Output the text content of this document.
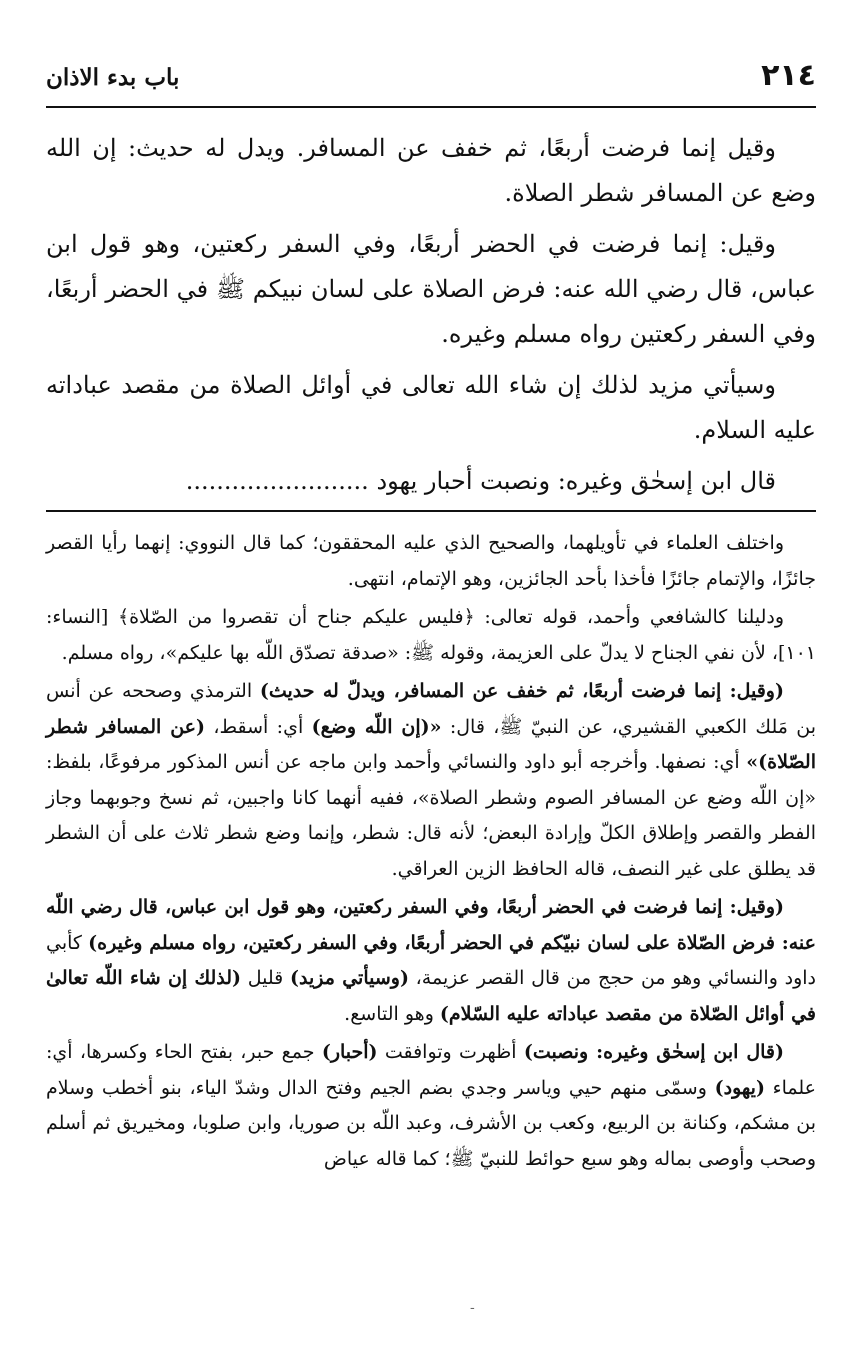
٢١٤
باب بدء الاذان

وقيل إنما فرضت أربعًا، ثم خفف عن المسافر. ويدل له حديث: إن الله وضع عن المسافر شطر الصلاة.

وقيل: إنما فرضت في الحضر أربعًا، وفي السفر ركعتين، وهو قول ابن عباس، قال رضي الله عنه: فرض الصلاة على لسان نبيكم ﷺ في الحضر أربعًا، وفي السفر ركعتين رواه مسلم وغيره.

وسيأتي مزيد لذلك إن شاء الله تعالى في أوائل الصلاة من مقصد عباداته عليه السلام.

قال ابن إسحٰق وغيره: ونصبت أحبار يهود ........................

واختلف العلماء في تأويلهما، والصحيح الذي عليه المحققون؛ كما قال النووي: إنهما رأيا القصر جائزًا، والإتمام جائزًا فأخذا بأحد الجائزين، وهو الإتمام، انتهى.

ودليلنا كالشافعي وأحمد، قوله تعالى: ﴿فليس عليكم جناح أن تقصروا من الصّلاة﴾ [النساء: ١٠١]، لأن نفي الجناح لا يدلّ على العزيمة، وقوله ﷺ: «صدقة تصدّق اللّه بها عليكم»، رواه مسلم.

(وقيل: إنما فرضت أربعًا، ثم خفف عن المسافر، ويدلّ له حديث) الترمذي وصححه عن أنس بن مَلك الكعبي القشيري، عن النبيّ ﷺ، قال: «(إن اللّه وضع) أي: أسقط، (عن المسافر شطر الصّلاة)» أي: نصفها. وأخرجه أبو داود والنسائي وأحمد وابن ماجه عن أنس المذكور مرفوعًا، بلفظ: «إن اللّه وضع عن المسافر الصوم وشطر الصلاة»، ففيه أنهما كانا واجبين، ثم نسخ وجوبهما وجاز الفطر والقصر وإطلاق الكلّ وإرادة البعض؛ لأنه قال: شطر، وإنما وضع شطر ثلاث على أن الشطر قد يطلق على غير النصف، قاله الحافظ الزين العراقي.

(وقيل: إنما فرضت في الحضر أربعًا، وفي السفر ركعتين، وهو قول ابن عباس، قال رضي اللّه عنه: فرض الصّلاة على لسان نبيّكم في الحضر أربعًا، وفي السفر ركعتين، رواه مسلم وغيره) كأبي داود والنسائي وهو من حجج من قال القصر عزيمة، (وسيأتي مزيد) قليل (لذلك إن شاء اللّه تعالىٰ في أوائل الصّلاة من مقصد عباداته عليه السّلام) وهو التاسع.

(قال ابن إسحٰق وغيره: ونصبت) أظهرت وتوافقت (أحبار) جمع حبر، بفتح الحاء وكسرها، أي: علماء (يهود) وسمّى منهم حيي وياسر وجدي بضم الجيم وفتح الدال وشدّ الياء، بنو أخطب وسلام بن مشكم، وكنانة بن الربيع، وكعب بن الأشرف، وعبد اللّه بن صوريا، وابن صلوبا، ومخيريق ثم أسلم وصحب وأوصى بماله وهو سبع حوائط للنبيّ ﷺ؛ كما قاله عياض

-
